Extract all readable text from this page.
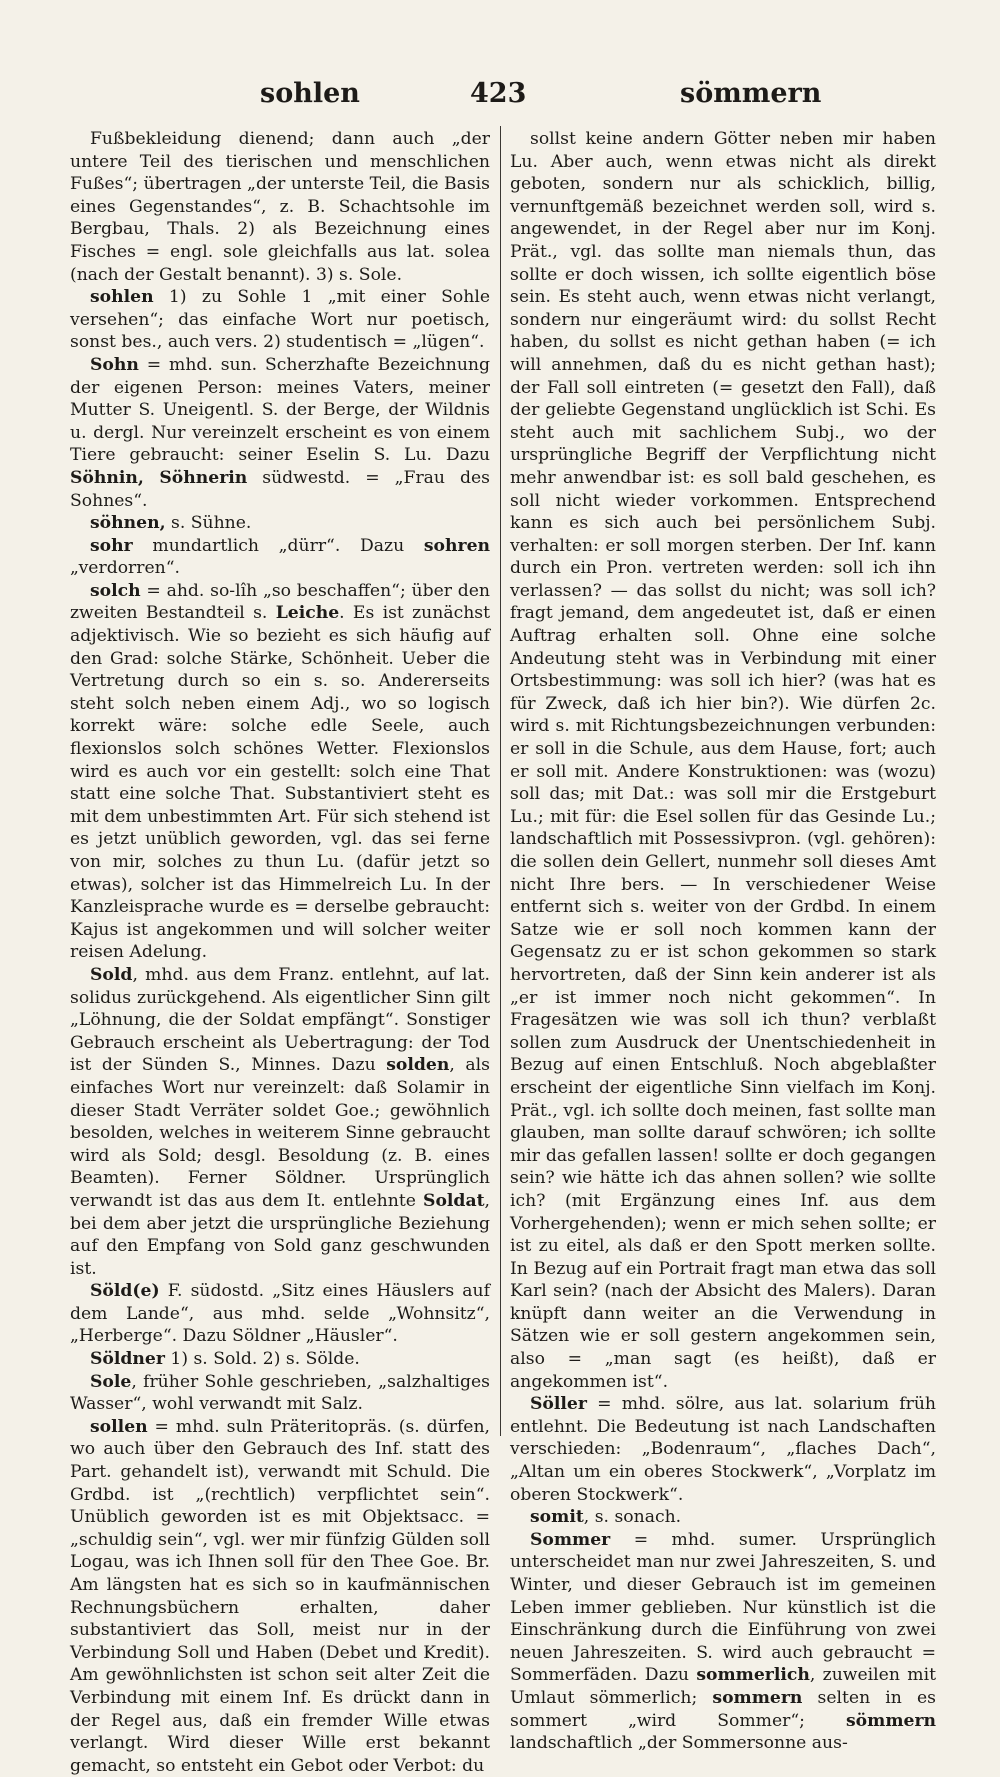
sohlen	423	sömmern

Fußbekleidung dienend; dann auch „der untere Teil des tierischen und menschlichen Fußes“; übertragen „der unterste Teil, die Basis eines Gegenstandes“, z. B. Schachtsohle im Bergbau, Thals. 2) als Bezeichnung eines Fisches = engl. sole gleichfalls aus lat. solea (nach der Gestalt benannt). 3) s. Sole.

sohlen 1) zu Sohle 1 „mit einer Sohle versehen“; das einfache Wort nur poetisch, sonst bes., auch vers. 2) studentisch = „lügen“.

Sohn = mhd. sun. Scherzhafte Bezeichnung der eigenen Person: meines Vaters, meiner Mutter S. Uneigentl. S. der Berge, der Wildnis u. dergl. Nur vereinzelt erscheint es von einem Tiere gebraucht: seiner Eselin S. Lu. Dazu Söhnin, Söhnerin südwestd. = „Frau des Sohnes“.

söhnen, s. Sühne.

sohr mundartlich „dürr“. Dazu sohren „verdorren“.

solch = ahd. so-lîh „so beschaffen“; über den zweiten Bestandteil s. Leiche. Es ist zunächst adjektivisch. Wie so bezieht es sich häufig auf den Grad: solche Stärke, Schönheit. Ueber die Vertretung durch so ein s. so. Andererseits steht solch neben einem Adj., wo so logisch korrekt wäre: solche edle Seele, auch flexionslos solch schönes Wetter. Flexionslos wird es auch vor ein gestellt: solch eine That statt eine solche That. Substantiviert steht es mit dem unbestimmten Art. Für sich stehend ist es jetzt unüblich geworden, vgl. das sei ferne von mir, solches zu thun Lu. (dafür jetzt so etwas), solcher ist das Himmelreich Lu. In der Kanzleisprache wurde es = derselbe gebraucht: Kajus ist angekommen und will solcher weiter reisen Adelung.

Sold, mhd. aus dem Franz. entlehnt, auf lat. solidus zurückgehend. Als eigentlicher Sinn gilt „Löhnung, die der Soldat empfängt“. Sonstiger Gebrauch erscheint als Uebertragung: der Tod ist der Sünden S., Minnes. Dazu solden, als einfaches Wort nur vereinzelt: daß Solamir in dieser Stadt Verräter soldet Goe.; gewöhnlich besolden, welches in weiterem Sinne gebraucht wird als Sold; desgl. Besoldung (z. B. eines Beamten). Ferner Söldner. Ursprünglich verwandt ist das aus dem It. entlehnte Soldat, bei dem aber jetzt die ursprüngliche Beziehung auf den Empfang von Sold ganz geschwunden ist.

Söld(e) F. südostd. „Sitz eines Häuslers auf dem Lande“, aus mhd. selde „Wohnsitz“, „Herberge“. Dazu Söldner „Häusler“.

Söldner 1) s. Sold. 2) s. Sölde.

Sole, früher Sohle geschrieben, „salzhaltiges Wasser“, wohl verwandt mit Salz.

sollen = mhd. suln Präteritopräs. (s. dürfen, wo auch über den Gebrauch des Inf. statt des Part. gehandelt ist), verwandt mit Schuld. Die Grdbd. ist „(rechtlich) verpflichtet sein“. Unüblich geworden ist es mit Objektsacc. = „schuldig sein“, vgl. wer mir fünfzig Gülden soll Logau, was ich Ihnen soll für den Thee Goe. Br. Am längsten hat es sich so in kaufmännischen Rechnungsbüchern erhalten, daher substantiviert das Soll, meist nur in der Verbindung Soll und Haben (Debet und Kredit). Am gewöhnlichsten ist schon seit alter Zeit die Verbindung mit einem Inf. Es drückt dann in der Regel aus, daß ein fremder Wille etwas verlangt. Wird dieser Wille erst bekannt gemacht, so entsteht ein Gebot oder Verbot: du

sollst keine andern Götter neben mir haben Lu. Aber auch, wenn etwas nicht als direkt geboten, sondern nur als schicklich, billig, vernunftgemäß bezeichnet werden soll, wird s. angewendet, in der Regel aber nur im Konj. Prät., vgl. das sollte man niemals thun, das sollte er doch wissen, ich sollte eigentlich böse sein. Es steht auch, wenn etwas nicht verlangt, sondern nur eingeräumt wird: du sollst Recht haben, du sollst es nicht gethan haben (= ich will annehmen, daß du es nicht gethan hast); der Fall soll eintreten (= gesetzt den Fall), daß der geliebte Gegenstand unglücklich ist Schi. Es steht auch mit sachlichem Subj., wo der ursprüngliche Begriff der Verpflichtung nicht mehr anwendbar ist: es soll bald geschehen, es soll nicht wieder vorkommen. Entsprechend kann es sich auch bei persönlichem Subj. verhalten: er soll morgen sterben. Der Inf. kann durch ein Pron. vertreten werden: soll ich ihn verlassen? — das sollst du nicht; was soll ich? fragt jemand, dem angedeutet ist, daß er einen Auftrag erhalten soll. Ohne eine solche Andeutung steht was in Verbindung mit einer Ortsbestimmung: was soll ich hier? (was hat es für Zweck, daß ich hier bin?). Wie dürfen 2c. wird s. mit Richtungsbezeichnungen verbunden: er soll in die Schule, aus dem Hause, fort; auch er soll mit. Andere Konstruktionen: was (wozu) soll das; mit Dat.: was soll mir die Erstgeburt Lu.; mit für: die Esel sollen für das Gesinde Lu.; landschaftlich mit Possessivpron. (vgl. gehören): die sollen dein Gellert, nunmehr soll dieses Amt nicht Ihre bers. — In verschiedener Weise entfernt sich s. weiter von der Grdbd. In einem Satze wie er soll noch kommen kann der Gegensatz zu er ist schon gekommen so stark hervortreten, daß der Sinn kein anderer ist als „er ist immer noch nicht gekommen“. In Fragesätzen wie was soll ich thun? verblaßt sollen zum Ausdruck der Unentschiedenheit in Bezug auf einen Entschluß. Noch abgeblaßter erscheint der eigentliche Sinn vielfach im Konj. Prät., vgl. ich sollte doch meinen, fast sollte man glauben, man sollte darauf schwören; ich sollte mir das gefallen lassen! sollte er doch gegangen sein? wie hätte ich das ahnen sollen? wie sollte ich? (mit Ergänzung eines Inf. aus dem Vorhergehenden); wenn er mich sehen sollte; er ist zu eitel, als daß er den Spott merken sollte. In Bezug auf ein Portrait fragt man etwa das soll Karl sein? (nach der Absicht des Malers). Daran knüpft dann weiter an die Verwendung in Sätzen wie er soll gestern angekommen sein, also = „man sagt (es heißt), daß er angekommen ist“.

Söller = mhd. sölre, aus lat. solarium früh entlehnt. Die Bedeutung ist nach Landschaften verschieden: „Bodenraum“, „flaches Dach“, „Altan um ein oberes Stockwerk“, „Vorplatz im oberen Stockwerk“.

somit, s. sonach.

Sommer = mhd. sumer. Ursprünglich unterscheidet man nur zwei Jahreszeiten, S. und Winter, und dieser Gebrauch ist im gemeinen Leben immer geblieben. Nur künstlich ist die Einschränkung durch die Einführung von zwei neuen Jahreszeiten. S. wird auch gebraucht = Sommerfäden. Dazu sommerlich, zuweilen mit Umlaut sömmerlich; sommern selten in es sommert „wird Sommer“; sömmern landschaftlich „der Sommersonne aus-
